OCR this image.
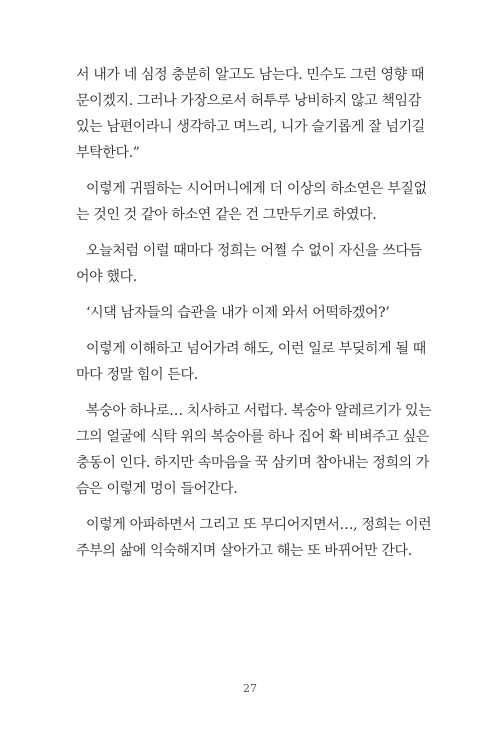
서 내가 네 심정 충분히 알고도 남는다. 민수도 그런 영향 때
문이겠지. 그러나 가장으로서 허투루 낭비하지 않고 책임감
있는 남편이라니 생각하고 며느리, 니가 슬기롭게 잘 넘기길
부탁한다.”
이렇게 귀띔하는 시어머니에게 더 이상의 하소연은 부질없
는 것인 것 같아 하소연 같은 건 그만두기로 하였다.
오늘처럼 이럴 때마다 정희는 어쩔 수 없이 자신을 쓰다듬
어야 했다.
‘시댁 남자들의 습관을 내가 이제 와서 어떡하겠어?’
이렇게 이해하고 넘어가려 해도, 이런 일로 부딪히게 될 때
마다 정말 힘이 든다.
복숭아 하나로… 치사하고 서럽다. 복숭아 알레르기가 있는
그의 얼굴에 식탁 위의 복숭아를 하나 집어 확 비벼주고 싶은
충동이 인다. 하지만 속마음을 꾹 삼키며 참아내는 정희의 가
슴은 이렇게 멍이 들어간다.
이렇게 아파하면서 그리고 또 무디어지면서…, 정희는 이런
주부의 삶에 익숙해지며 살아가고 해는 또 바뀌어만 간다.
27
